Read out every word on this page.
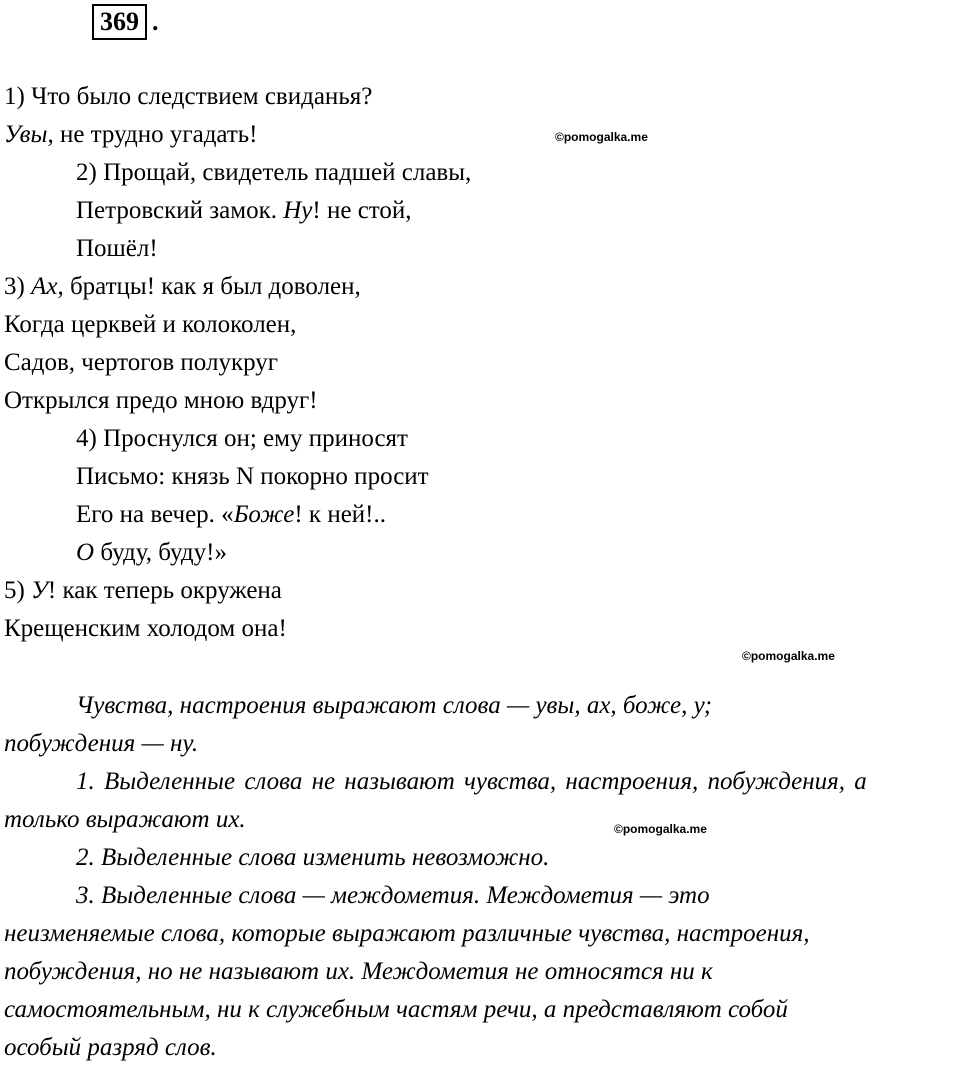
369 .
1) Что было следствием свиданья?
Увы, не трудно угадать!
2) Прощай, свидетель падшей славы,
Петровский замок. Ну! не стой,
Пошёл!
3) Ах, братцы! как я был доволен,
Когда церквей и колоколен,
Садов, чертогов полукруг
Открылся предо мною вдруг!
4) Проснулся он; ему приносят
Письмо: князь N покорно просит
Его на вечер. «Боже! к ней!..
О буду, буду!»
5) У! как теперь окружена
Крещенским холодом она!
©pomogalka.me
©pomogalka.me
©pomogalka.me
Чувства, настроения выражают слова — увы, ах, боже, у;
побуждения — ну.
1. Выделенные слова не называют чувства, настроения, побуждения, а
только выражают их.
2. Выделенные слова изменить невозможно.
3. Выделенные слова — междометия. Междометия — это
неизменяемые слова, которые выражают различные чувства, настроения,
побуждения, но не называют их. Междометия не относятся ни к
самостоятельным, ни к служебным частям речи, а представляют собой
особый разряд слов.
